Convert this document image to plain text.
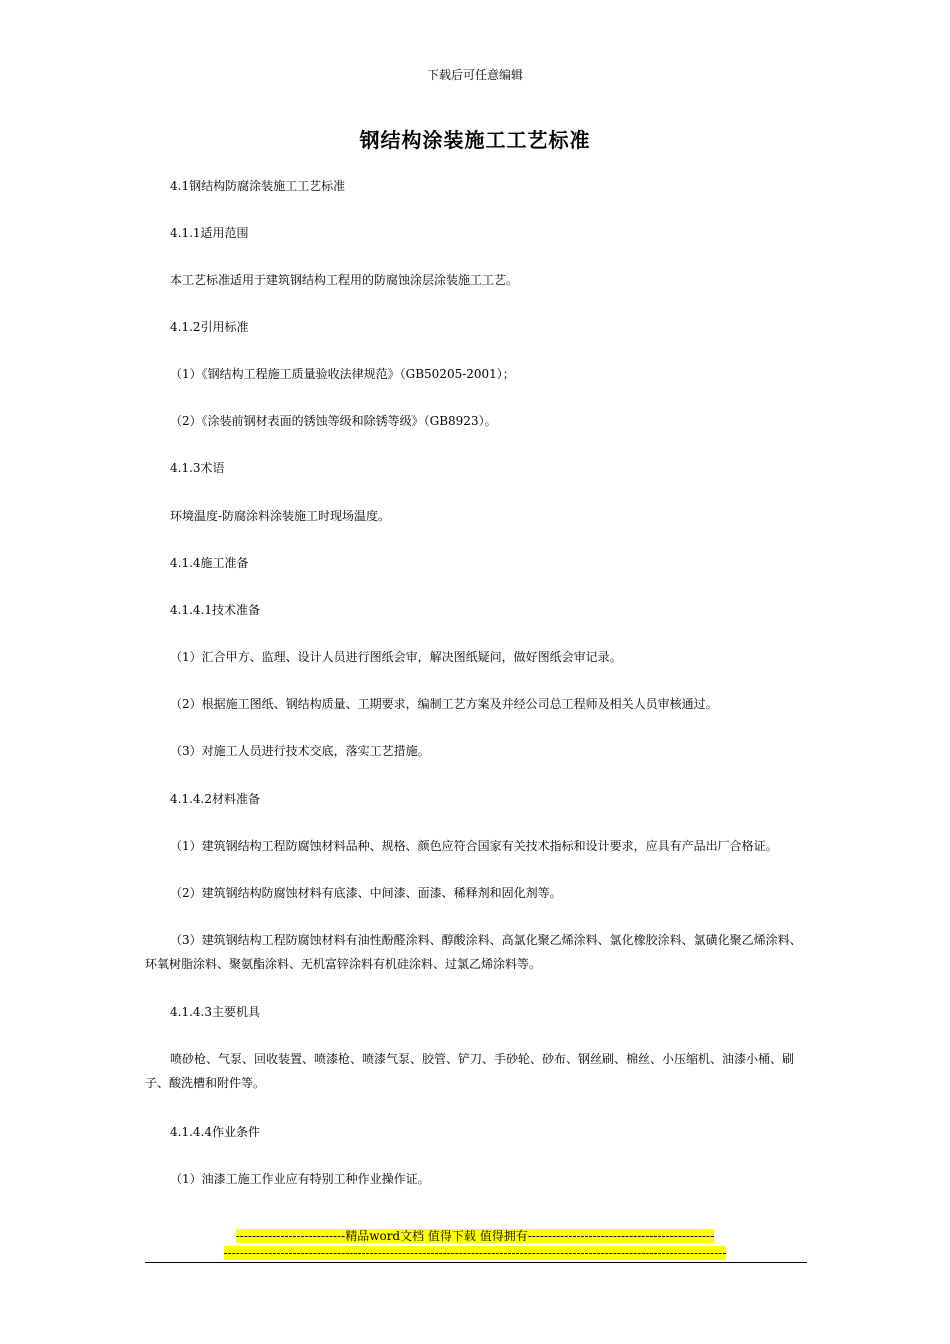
下载后可任意编辑
钢结构涂装施工工艺标准
4.1钢结构防腐涂装施工工艺标准
4.1.1适用范围
本工艺标准适用于建筑钢结构工程用的防腐蚀涂层涂装施工工艺。
4.1.2引用标准
（1）《钢结构工程施工质量验收法律规范》（GB50205-2001）；
（2）《涂装前钢材表面的锈蚀等级和除锈等级》（GB8923）。
4.1.3术语
环境温度-防腐涂料涂装施工时现场温度。
4.1.4施工准备
4.1.4.1技术准备
（1）汇合甲方、监理、设计人员进行图纸会审，解决图纸疑问，做好图纸会审记录。
（2）根据施工图纸、钢结构质量、工期要求，编制工艺方案及并经公司总工程师及相关人员审核通过。
（3）对施工人员进行技术交底，落实工艺措施。
4.1.4.2材料准备
（1）建筑钢结构工程防腐蚀材料品种、规格、颜色应符合国家有关技术指标和设计要求，应具有产品出厂合格证。
（2）建筑钢结构防腐蚀材料有底漆、中间漆、面漆、稀释剂和固化剂等。
（3）建筑钢结构工程防腐蚀材料有油性酚醛涂料、醇酸涂料、高氯化聚乙烯涂料、氯化橡胶涂料、氯磺化聚乙烯涂料、环氧树脂涂料、聚氨酯涂料、无机富锌涂料有机硅涂料、过氯乙烯涂料等。
4.1.4.3主要机具
喷砂枪、气泵、回收装置、喷漆枪、喷漆气泵、胶管、铲刀、手砂轮、砂布、钢丝刷、棉丝、小压缩机、油漆小桶、刷子、酸洗槽和附件等。
4.1.4.4作业条件
（1）油漆工施工作业应有特别工种作业操作证。
---------------------------精品word文档 值得下载 值得拥有----------------------------------------------
----------------------------------------------------------------------------------------------------------------------------
